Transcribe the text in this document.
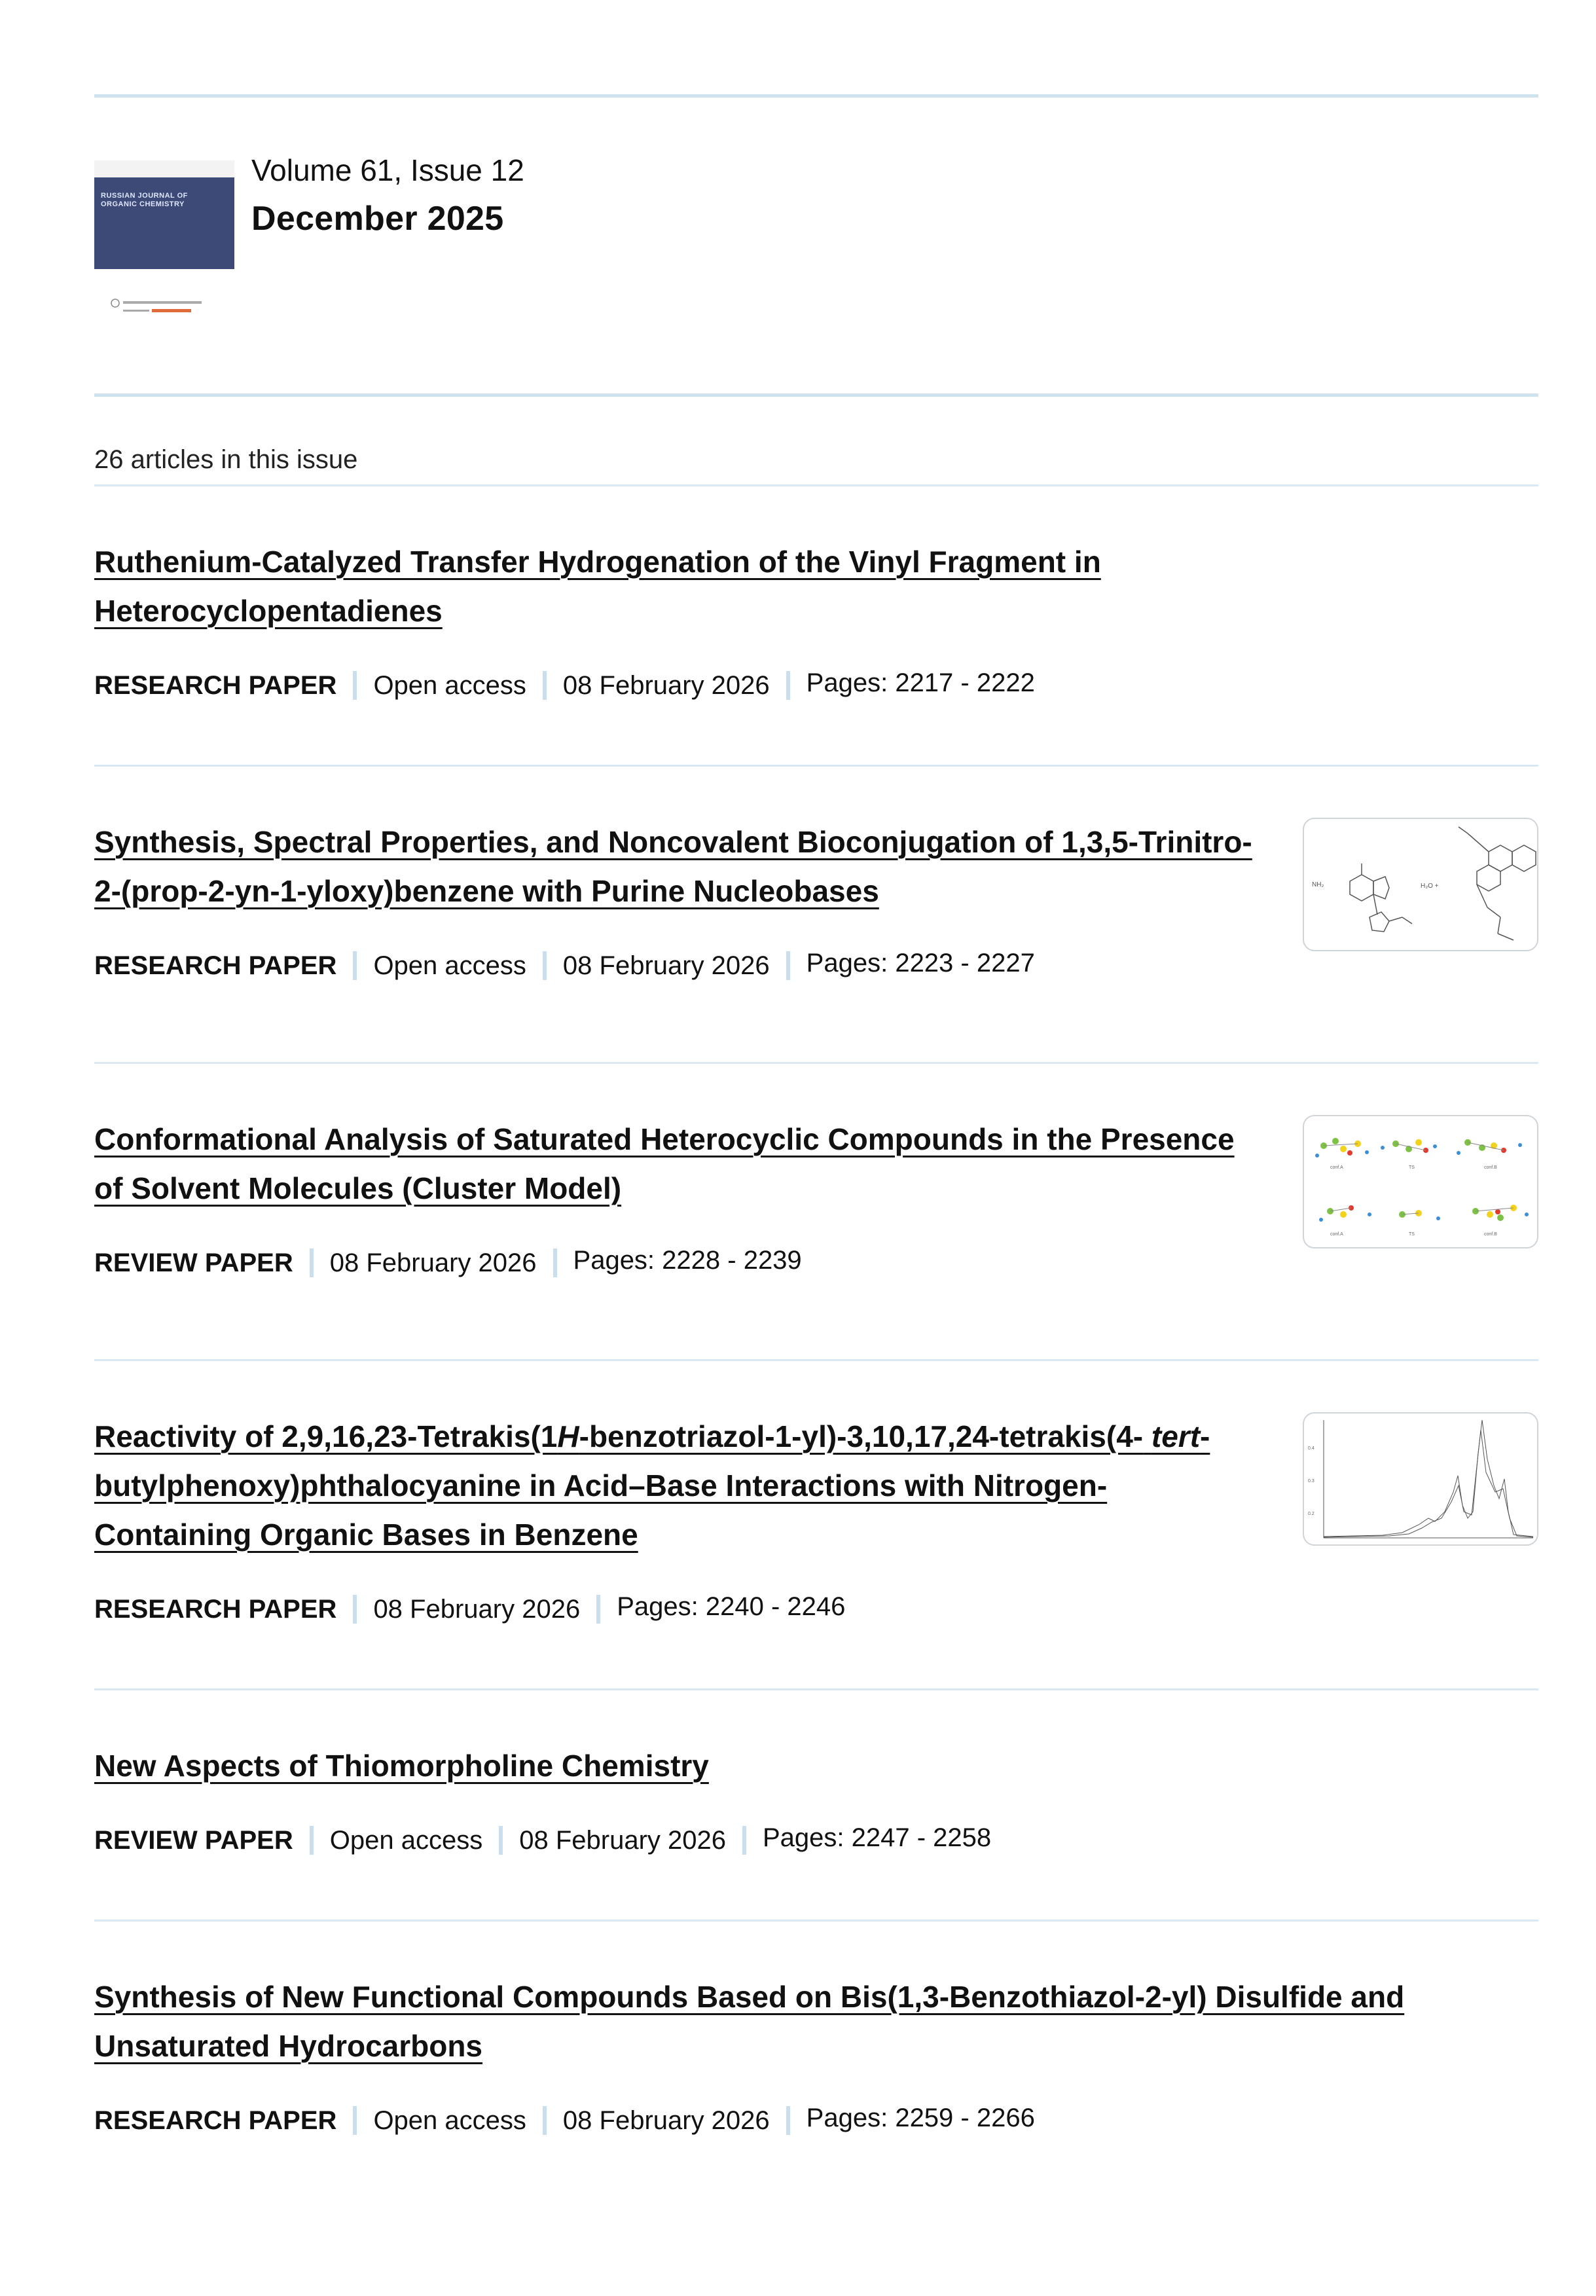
RUSSIAN JOURNAL OF ORGANIC CHEMISTRY

Volume 61, Issue 12

December 2025

26 articles in this issue
Ruthenium-Catalyzed Transfer Hydrogenation of the Vinyl Fragment in Heterocyclopentadienes
RESEARCH PAPER Open access 08 February 2026 Pages: 2217 - 2222
NH₂	H₂O +
Synthesis, Spectral Properties, and Noncovalent Bioconjugation of 1,3,5-Trinitro-2-(prop-2-yn-1-yloxy)benzene with Purine Nucleobases
RESEARCH PAPER Open access 08 February 2026 Pages: 2223 - 2227
conf.A	TS	conf.B
conf.A	TS	conf.B
Conformational Analysis of Saturated Heterocyclic Compounds in the Presence of Solvent Molecules (Cluster Model)
REVIEW PAPER 08 February 2026 Pages: 2228 - 2239
0.4
0.3
0.2
Reactivity of 2,9,16,23-Tetrakis(1H-benzotriazol-1-yl)-3,10,17,24-tetrakis(4- tert-butylphenoxy)phthalocyanine in Acid–Base Interactions with Nitrogen-Containing Organic Bases in Benzene
RESEARCH PAPER 08 February 2026 Pages: 2240 - 2246
New Aspects of Thiomorpholine Chemistry
REVIEW PAPER Open access 08 February 2026 Pages: 2247 - 2258
Synthesis of New Functional Compounds Based on Bis(1,3-Benzothiazol-2-yl) Disulfide and Unsaturated Hydrocarbons
RESEARCH PAPER Open access 08 February 2026 Pages: 2259 - 2266
